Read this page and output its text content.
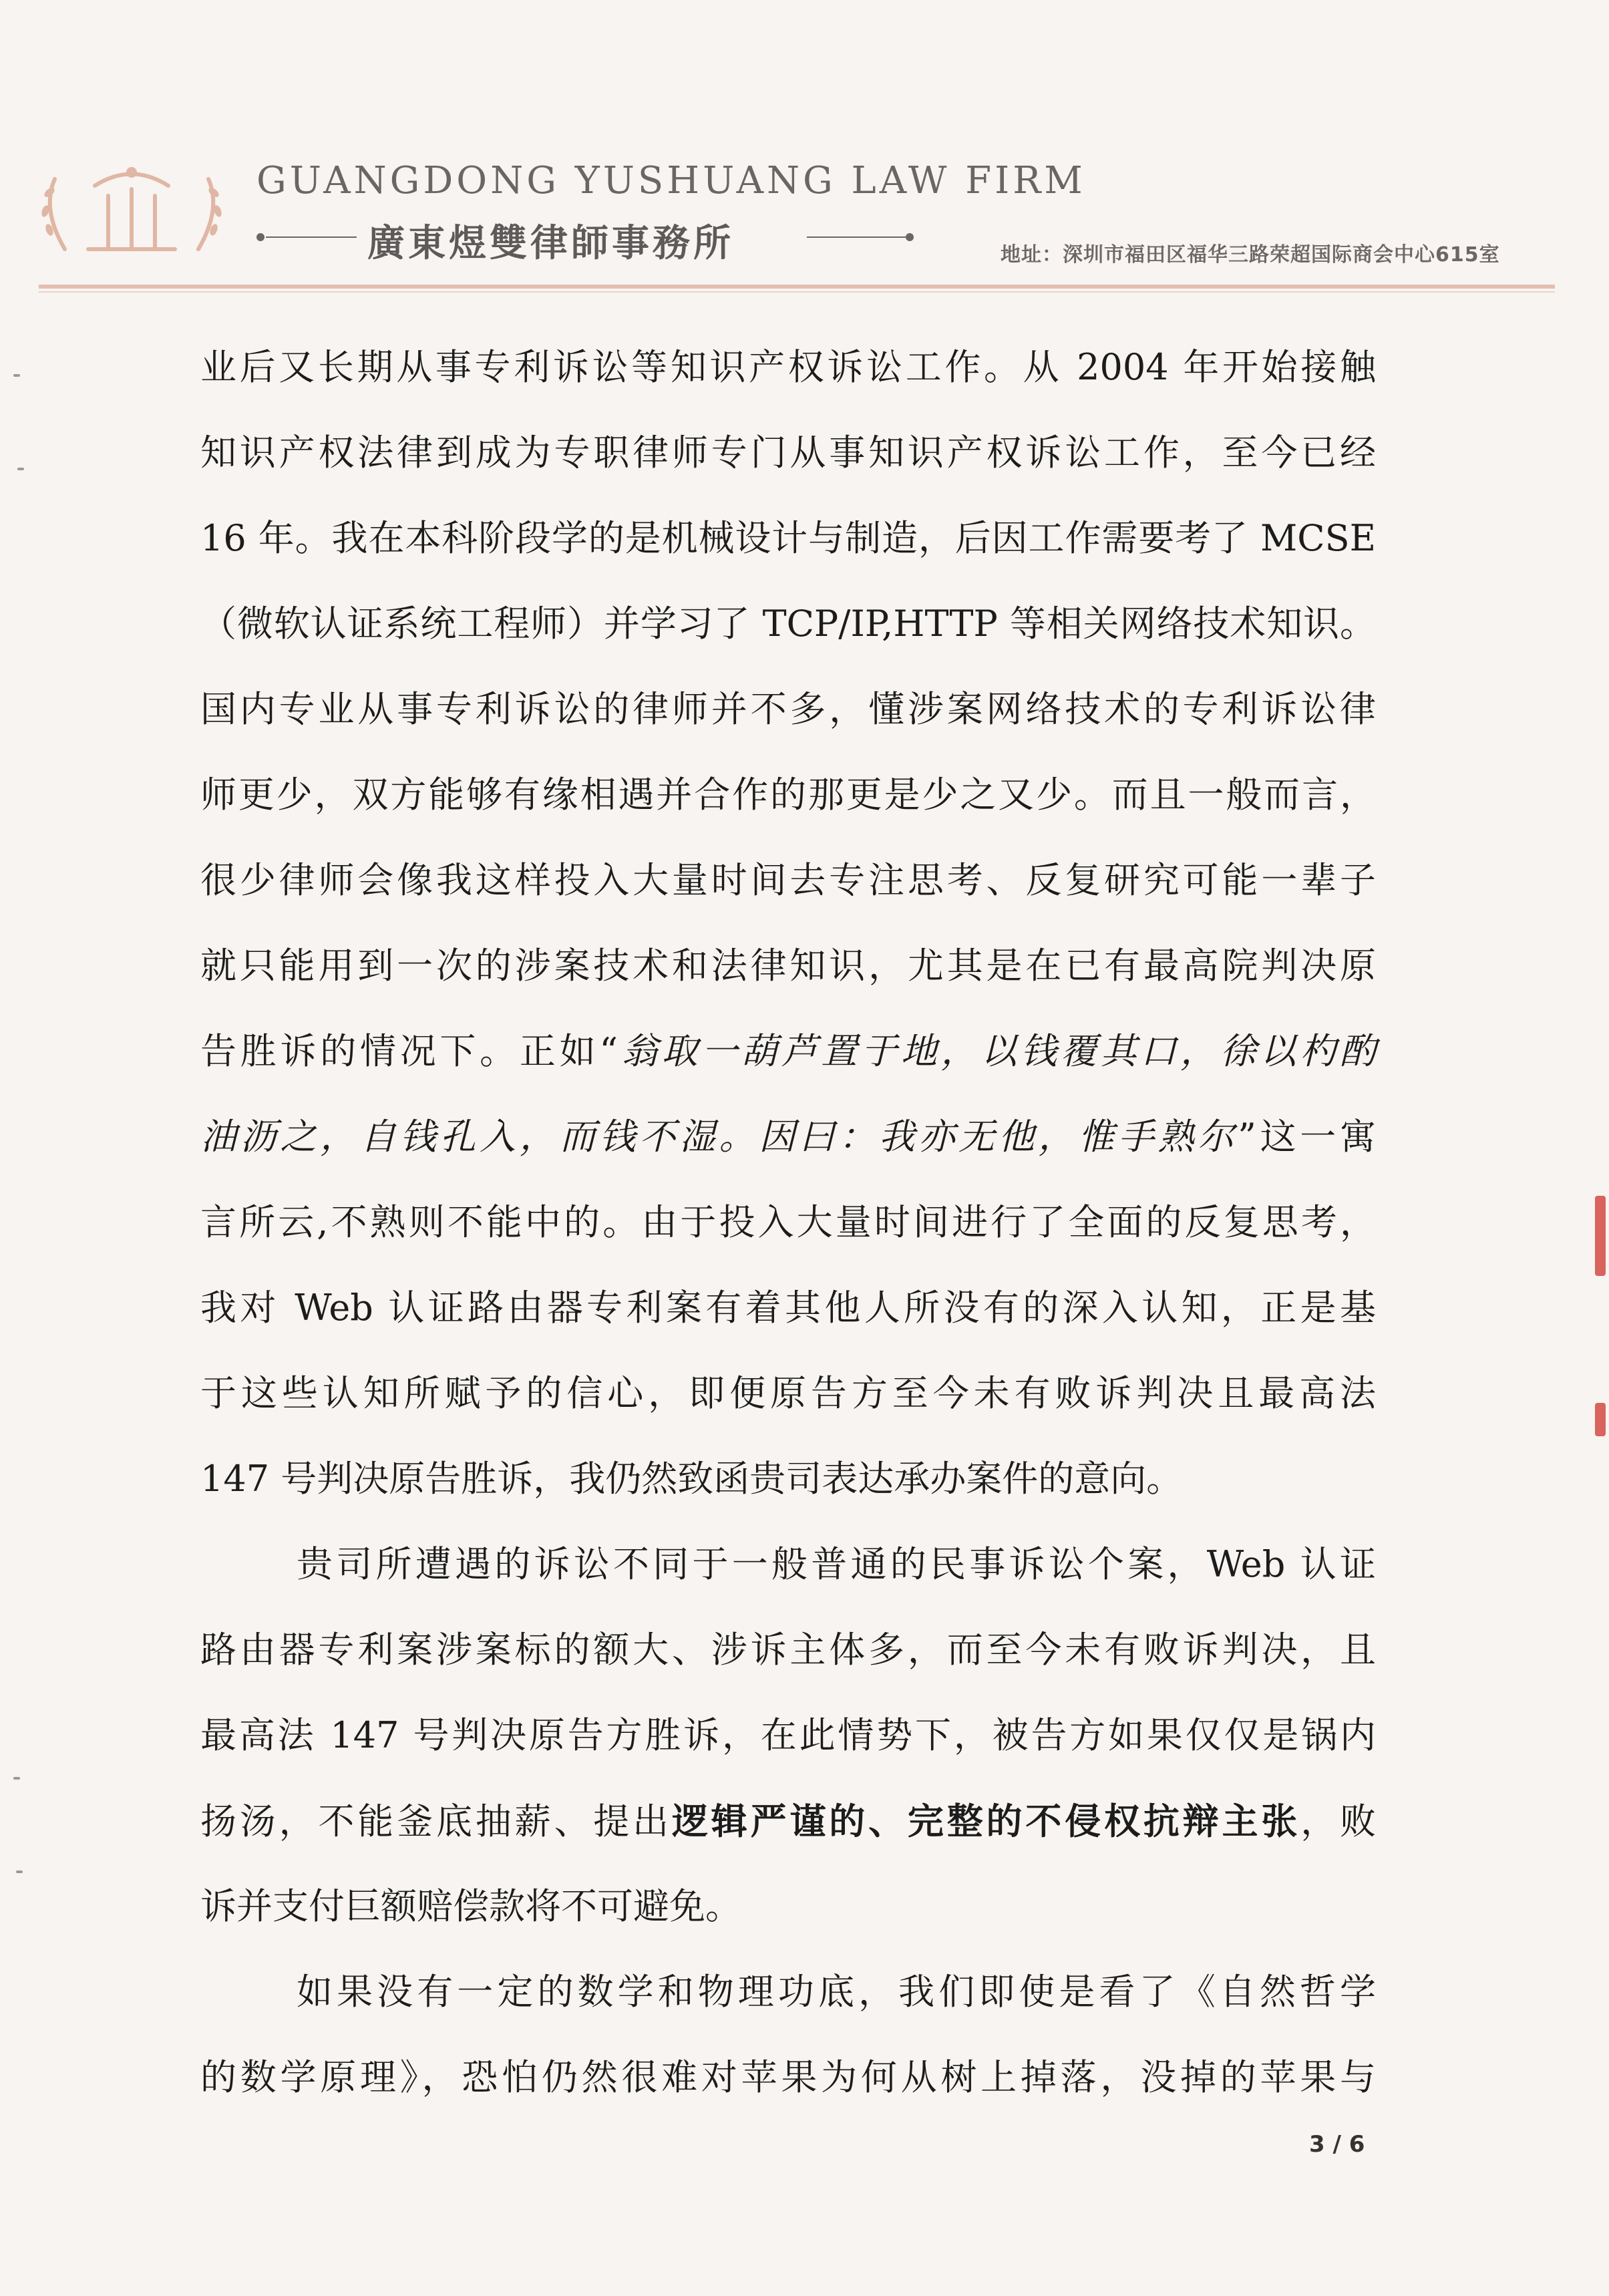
GUANGDONG YUSHUANG LAW FIRM
廣東煜雙律師事務所	地址：深圳市福田区福华三路荣超国际商会中心615室
业后又长期从事专利诉讼等知识产权诉讼工作。从 2004 年开始接触
知识产权法律到成为专职律师专门从事知识产权诉讼工作，至今已经
16 年。我在本科阶段学的是机械设计与制造，后因工作需要考了 MCSE
（微软认证系统工程师）并学习了 TCP/IP,HTTP 等相关网络技术知识。
国内专业从事专利诉讼的律师并不多，懂涉案网络技术的专利诉讼律
师更少，双方能够有缘相遇并合作的那更是少之又少。而且一般而言，
很少律师会像我这样投入大量时间去专注思考、反复研究可能一辈子
就只能用到一次的涉案技术和法律知识，尤其是在已有最高院判决原
告胜诉的情况下。正如“翁取一葫芦置于地，以钱覆其口，徐以杓酌
油沥之，自钱孔入，而钱不湿。因曰：我亦无他，惟手熟尔”这一寓
言所云,不熟则不能中的。由于投入大量时间进行了全面的反复思考，
我对 Web 认证路由器专利案有着其他人所没有的深入认知，正是基
于这些认知所赋予的信心，即便原告方至今未有败诉判决且最高法
147 号判决原告胜诉，我仍然致函贵司表达承办案件的意向。
贵司所遭遇的诉讼不同于一般普通的民事诉讼个案，Web 认证
路由器专利案涉案标的额大、涉诉主体多，而至今未有败诉判决，且
最高法 147 号判决原告方胜诉，在此情势下，被告方如果仅仅是锅内
扬汤，不能釜底抽薪、提出逻辑严谨的、完整的不侵权抗辩主张，败
诉并支付巨额赔偿款将不可避免。
如果没有一定的数学和物理功底，我们即使是看了《自然哲学
的数学原理》，恐怕仍然很难对苹果为何从树上掉落，没掉的苹果与
3 / 6
